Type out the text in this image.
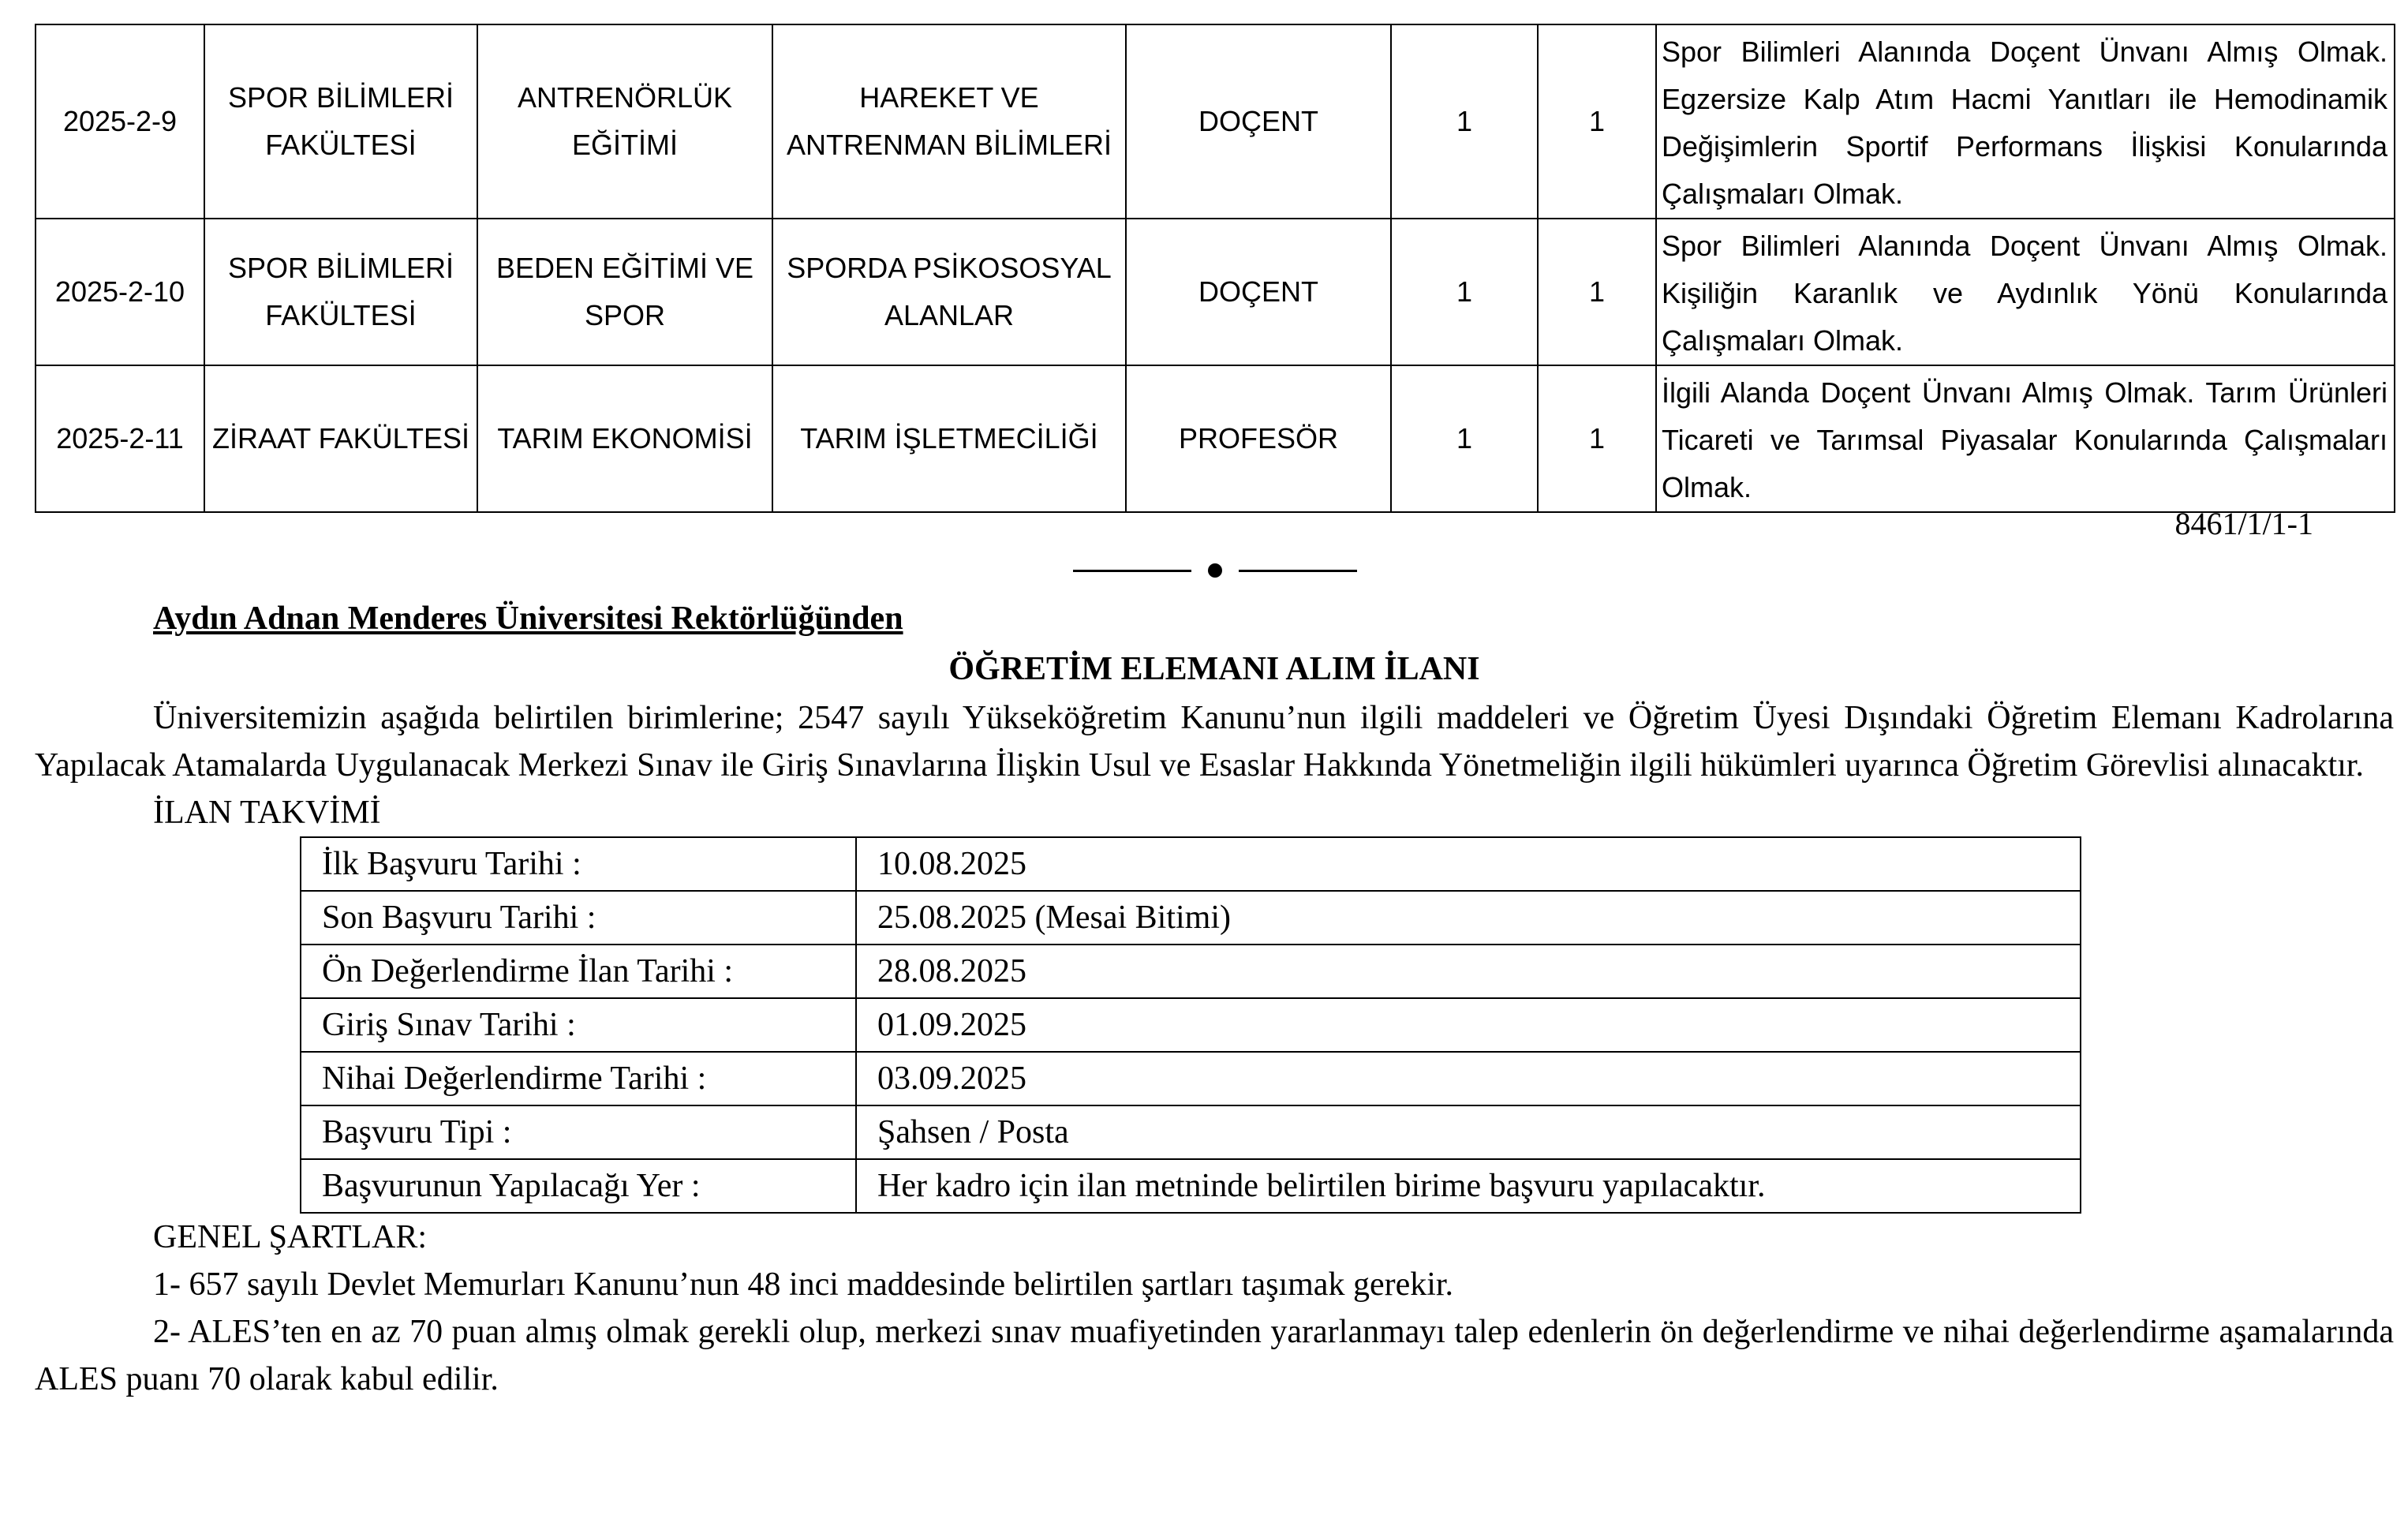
2025-2-9	SPOR BİLİMLERİ FAKÜLTESİ	ANTRENÖRLÜK EĞİTİMİ	HAREKET VE ANTRENMAN BİLİMLERİ	DOÇENT	1	1	Spor Bilimleri Alanında Doçent Ünvanı Almış Olmak. Egzersize Kalp Atım Hacmi Yanıtları ile Hemodinamik Değişimlerin Sportif Performans İlişkisi Konularında Çalışmaları Olmak.
2025-2-10	SPOR BİLİMLERİ FAKÜLTESİ	BEDEN EĞİTİMİ VE SPOR	SPORDA PSİKOSOSYAL ALANLAR	DOÇENT	1	1	Spor Bilimleri Alanında Doçent Ünvanı Almış Olmak. Kişiliğin Karanlık ve Aydınlık Yönü Konularında Çalışmaları Olmak.
2025-2-11	ZİRAAT FAKÜLTESİ	TARIM EKONOMİSİ	TARIM İŞLETMECİLİĞİ	PROFESÖR	1	1	İlgili Alanda Doçent Ünvanı Almış Olmak. Tarım Ürünleri Ticareti ve Tarımsal Piyasalar Konularında Çalışmaları Olmak.
8461/1/1-1

Aydın Adnan Menderes Üniversitesi Rektörlüğünden

ÖĞRETİM ELEMANI ALIM İLANI

Üniversitemizin aşağıda belirtilen birimlerine; 2547 sayılı Yükseköğretim Kanunu’nun ilgili maddeleri ve Öğretim Üyesi Dışındaki Öğretim Elemanı Kadrolarına Yapılacak Atamalarda Uygulanacak Merkezi Sınav ile Giriş Sınavlarına İlişkin Usul ve Esaslar Hakkında Yönetmeliğin ilgili hükümleri uyarınca Öğretim Görevlisi alınacaktır.

İLAN TAKVİMİ

İlk Başvuru Tarihi :	10.08.2025
Son Başvuru Tarihi :	25.08.2025 (Mesai Bitimi)
Ön Değerlendirme İlan Tarihi :	28.08.2025
Giriş Sınav Tarihi :	01.09.2025
Nihai Değerlendirme Tarihi :	03.09.2025
Başvuru Tipi :	Şahsen / Posta
Başvurunun Yapılacağı Yer :	Her kadro için ilan metninde belirtilen birime başvuru yapılacaktır.

GENEL ŞARTLAR:

1- 657 sayılı Devlet Memurları Kanunu’nun 48 inci maddesinde belirtilen şartları taşımak gerekir.

2- ALES’ten en az 70 puan almış olmak gerekli olup, merkezi sınav muafiyetinden yararlanmayı talep edenlerin ön değerlendirme ve nihai değerlendirme aşamalarında ALES puanı 70 olarak kabul edilir.
